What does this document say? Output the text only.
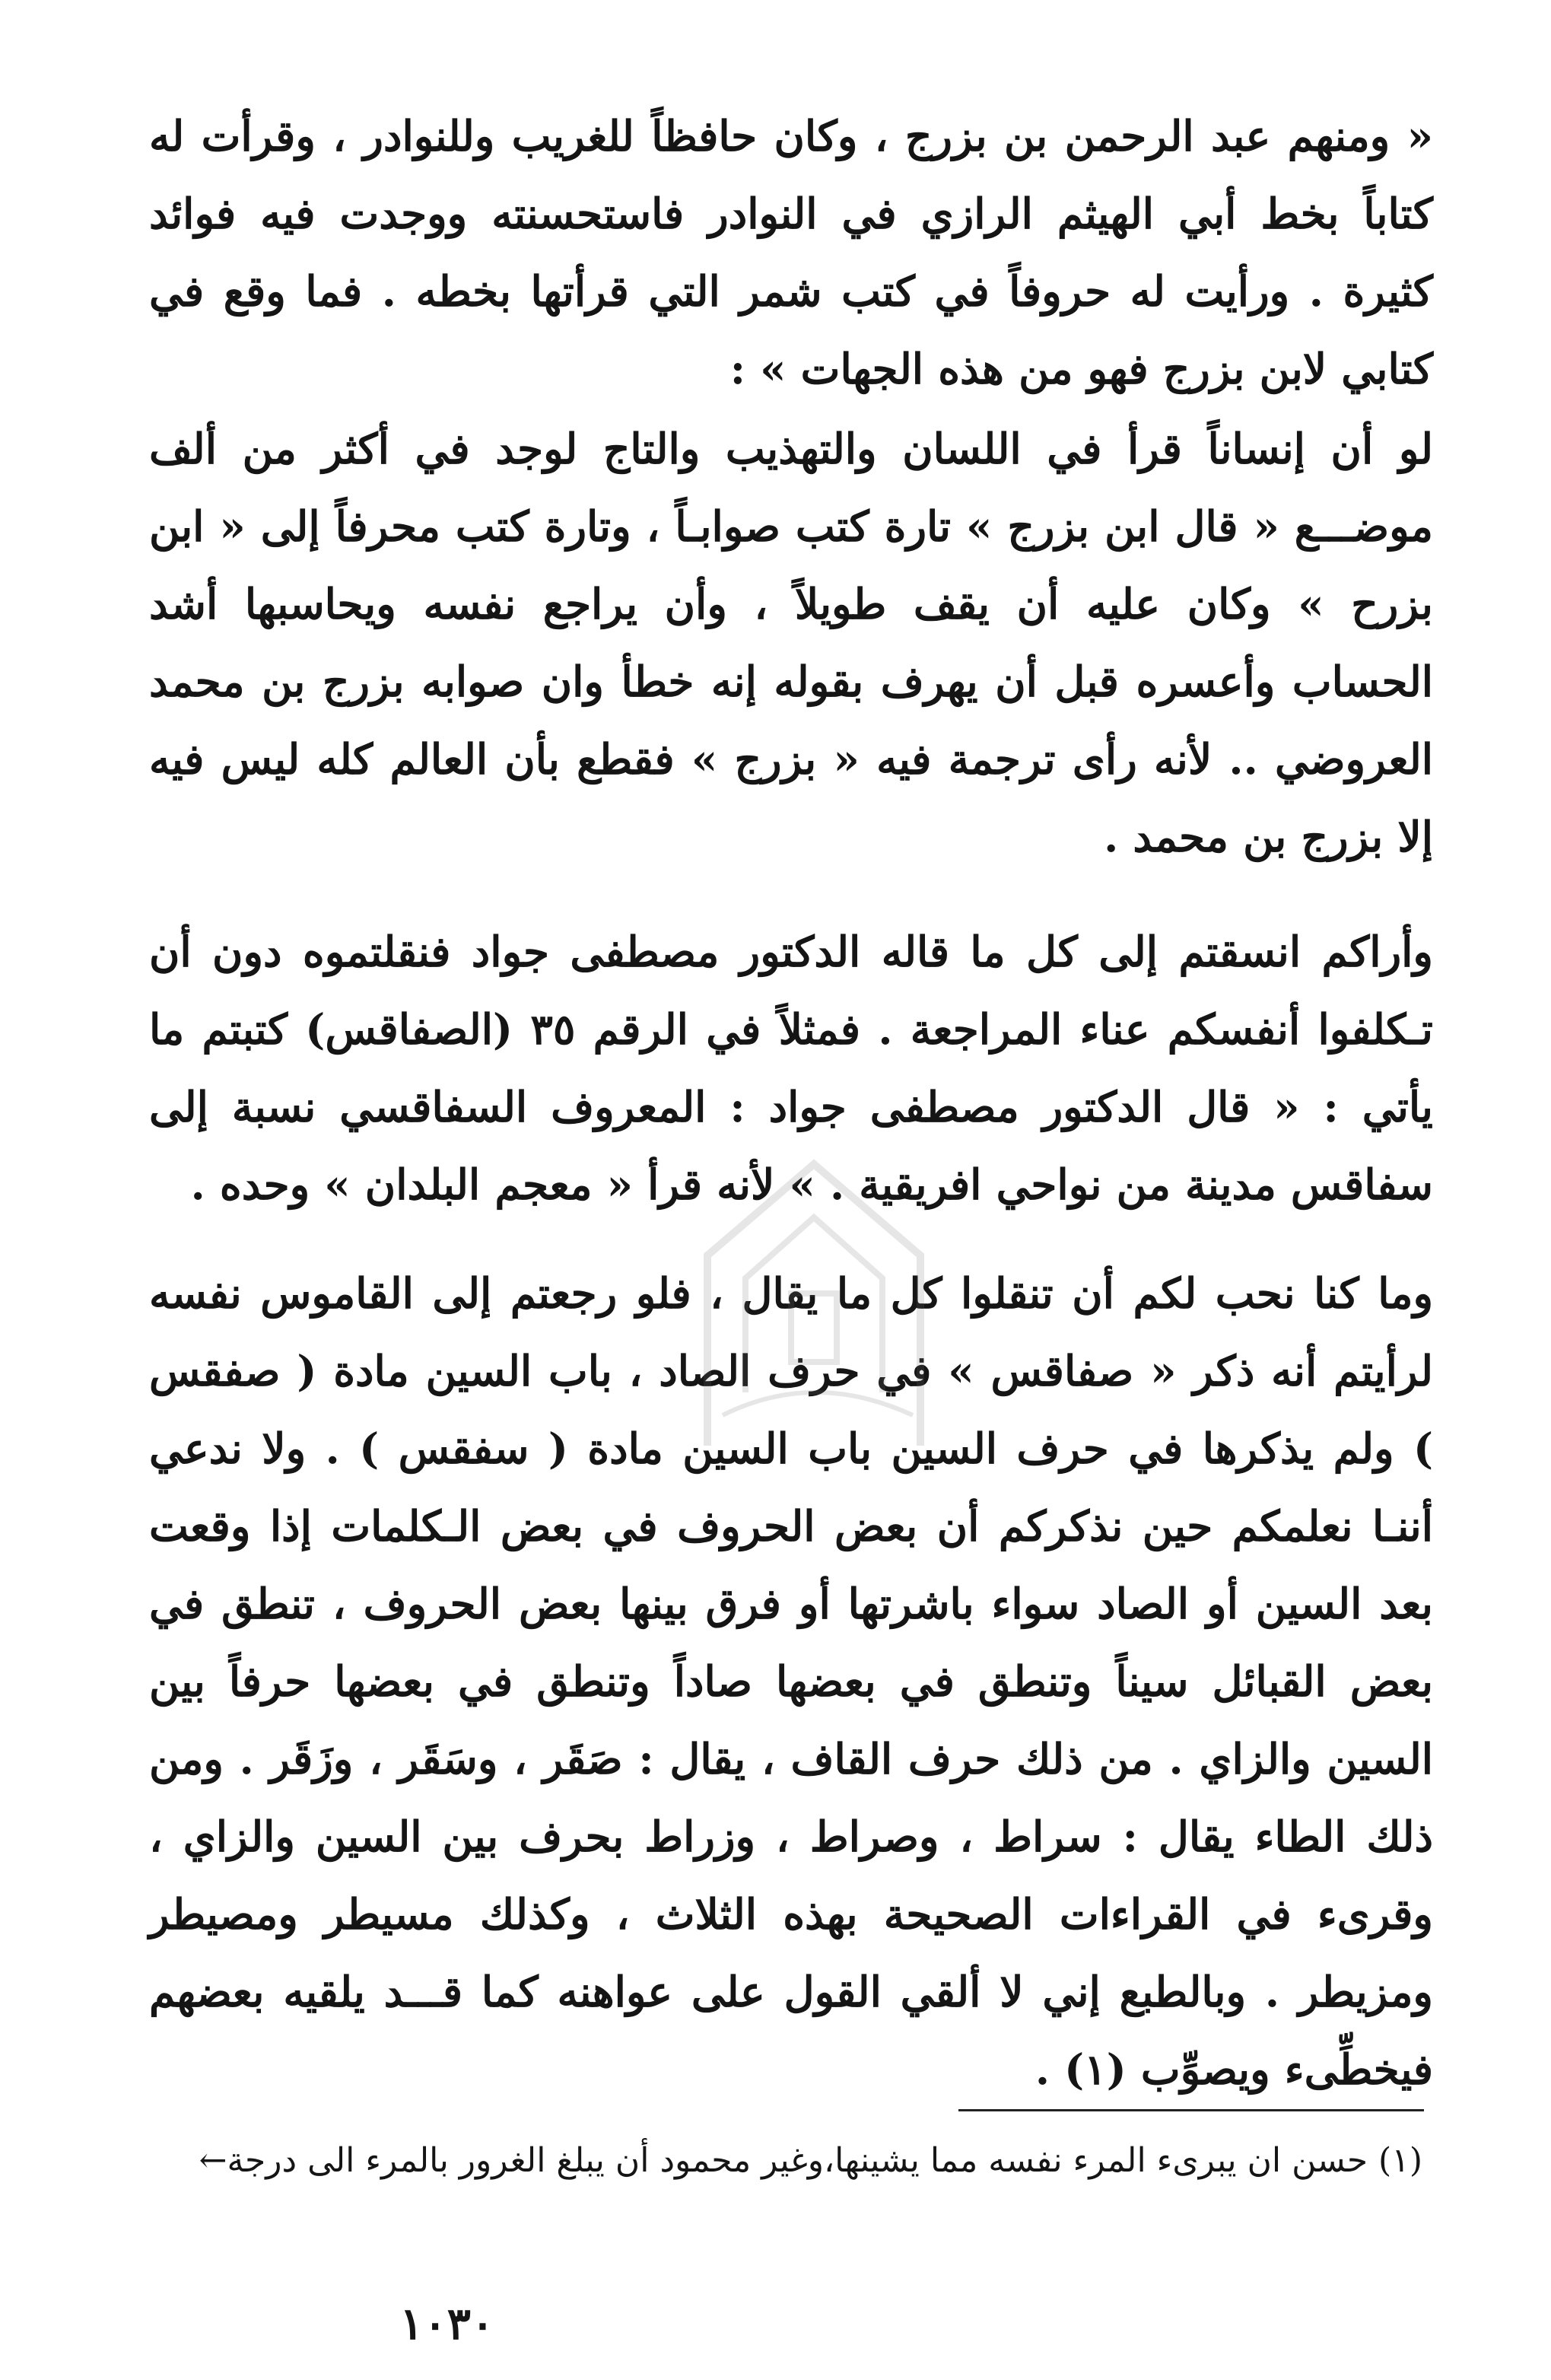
« ومنهم عبد الرحمن بن بزرج ، وكان حافظاً للغريب وللنوادر ، وقرأت له كتاباً بخط أبي الهيثم الرازي في النوادر فاستحسنته ووجدت فيه فوائد كثيرة . ورأيت له حروفاً في كتب شمر التي قرأتها بخطه . فما وقع في كتابي لابن بزرج فهو من هذه الجهات » :

لو أن إنساناً قرأ في اللسان والتهذيب والتاج لوجد في أكثر من ألف موضـــع « قال ابن بزرج » تارة كتب صوابـاً ، وتارة كتب محرفاً إلى « ابن بزرح » وكان عليه أن يقف طويلاً ، وأن يراجع نفسه ويحاسبها أشد الحساب وأعسره قبل أن يهرف بقوله إنه خطأ وان صوابه بزرج بن محمد العروضي .. لأنه رأى ترجمة فيه « بزرج » فقطع بأن العالم كله ليس فيه إلا بزرج بن محمد .

وأراكم انسقتم إلى كل ما قاله الدكتور مصطفى جواد فنقلتموه دون أن تـكلفوا أنفسكم عناء المراجعة . فمثلاً في الرقم ٣٥ (الصفاقس) كتبتم ما يأتي : « قال الدكتور مصطفى جواد : المعروف السفاقسي نسبة إلى سفاقس مدينة من نواحي افريقية . » لأنه قرأ « معجم البلدان » وحده .

وما كنا نحب لكم أن تنقلوا كل ما يقال ، فلو رجعتم إلى القاموس نفسه لرأيتم أنه ذكر « صفاقس » في حرف الصاد ، باب السين مادة ( صفقس ) ولم يذكرها في حرف السين باب السين مادة ( سفقس ) . ولا ندعي أننـا نعلمكم حين نذكركم أن بعض الحروف في بعض الـكلمات إذا وقعت بعد السين أو الصاد سواء باشرتها أو فرق بينها بعض الحروف ، تنطق في بعض القبائل سيناً وتنطق في بعضها صاداً وتنطق في بعضها حرفاً بين السين والزاي . من ذلك حرف القاف ، يقال : صَقَر ، وسَقَر ، وزَقَر . ومن ذلك الطاء يقال : سراط ، وصراط ، وزراط بحرف بين السين والزاي ، وقرىء في القراءات الصحيحة بهذه الثلاث ، وكذلك مسيطر ومصيطر ومزيطر . وبالطبع إني لا ألقي القول على عواهنه كما قـــد يلقيه بعضهم فيخطِّىء ويصوِّب (١) .

(١) حسن ان يبرىء المرء نفسه مما يشينها،وغير محمود أن يبلغ الغرور بالمرء الى درجة←

١٠٣٠
